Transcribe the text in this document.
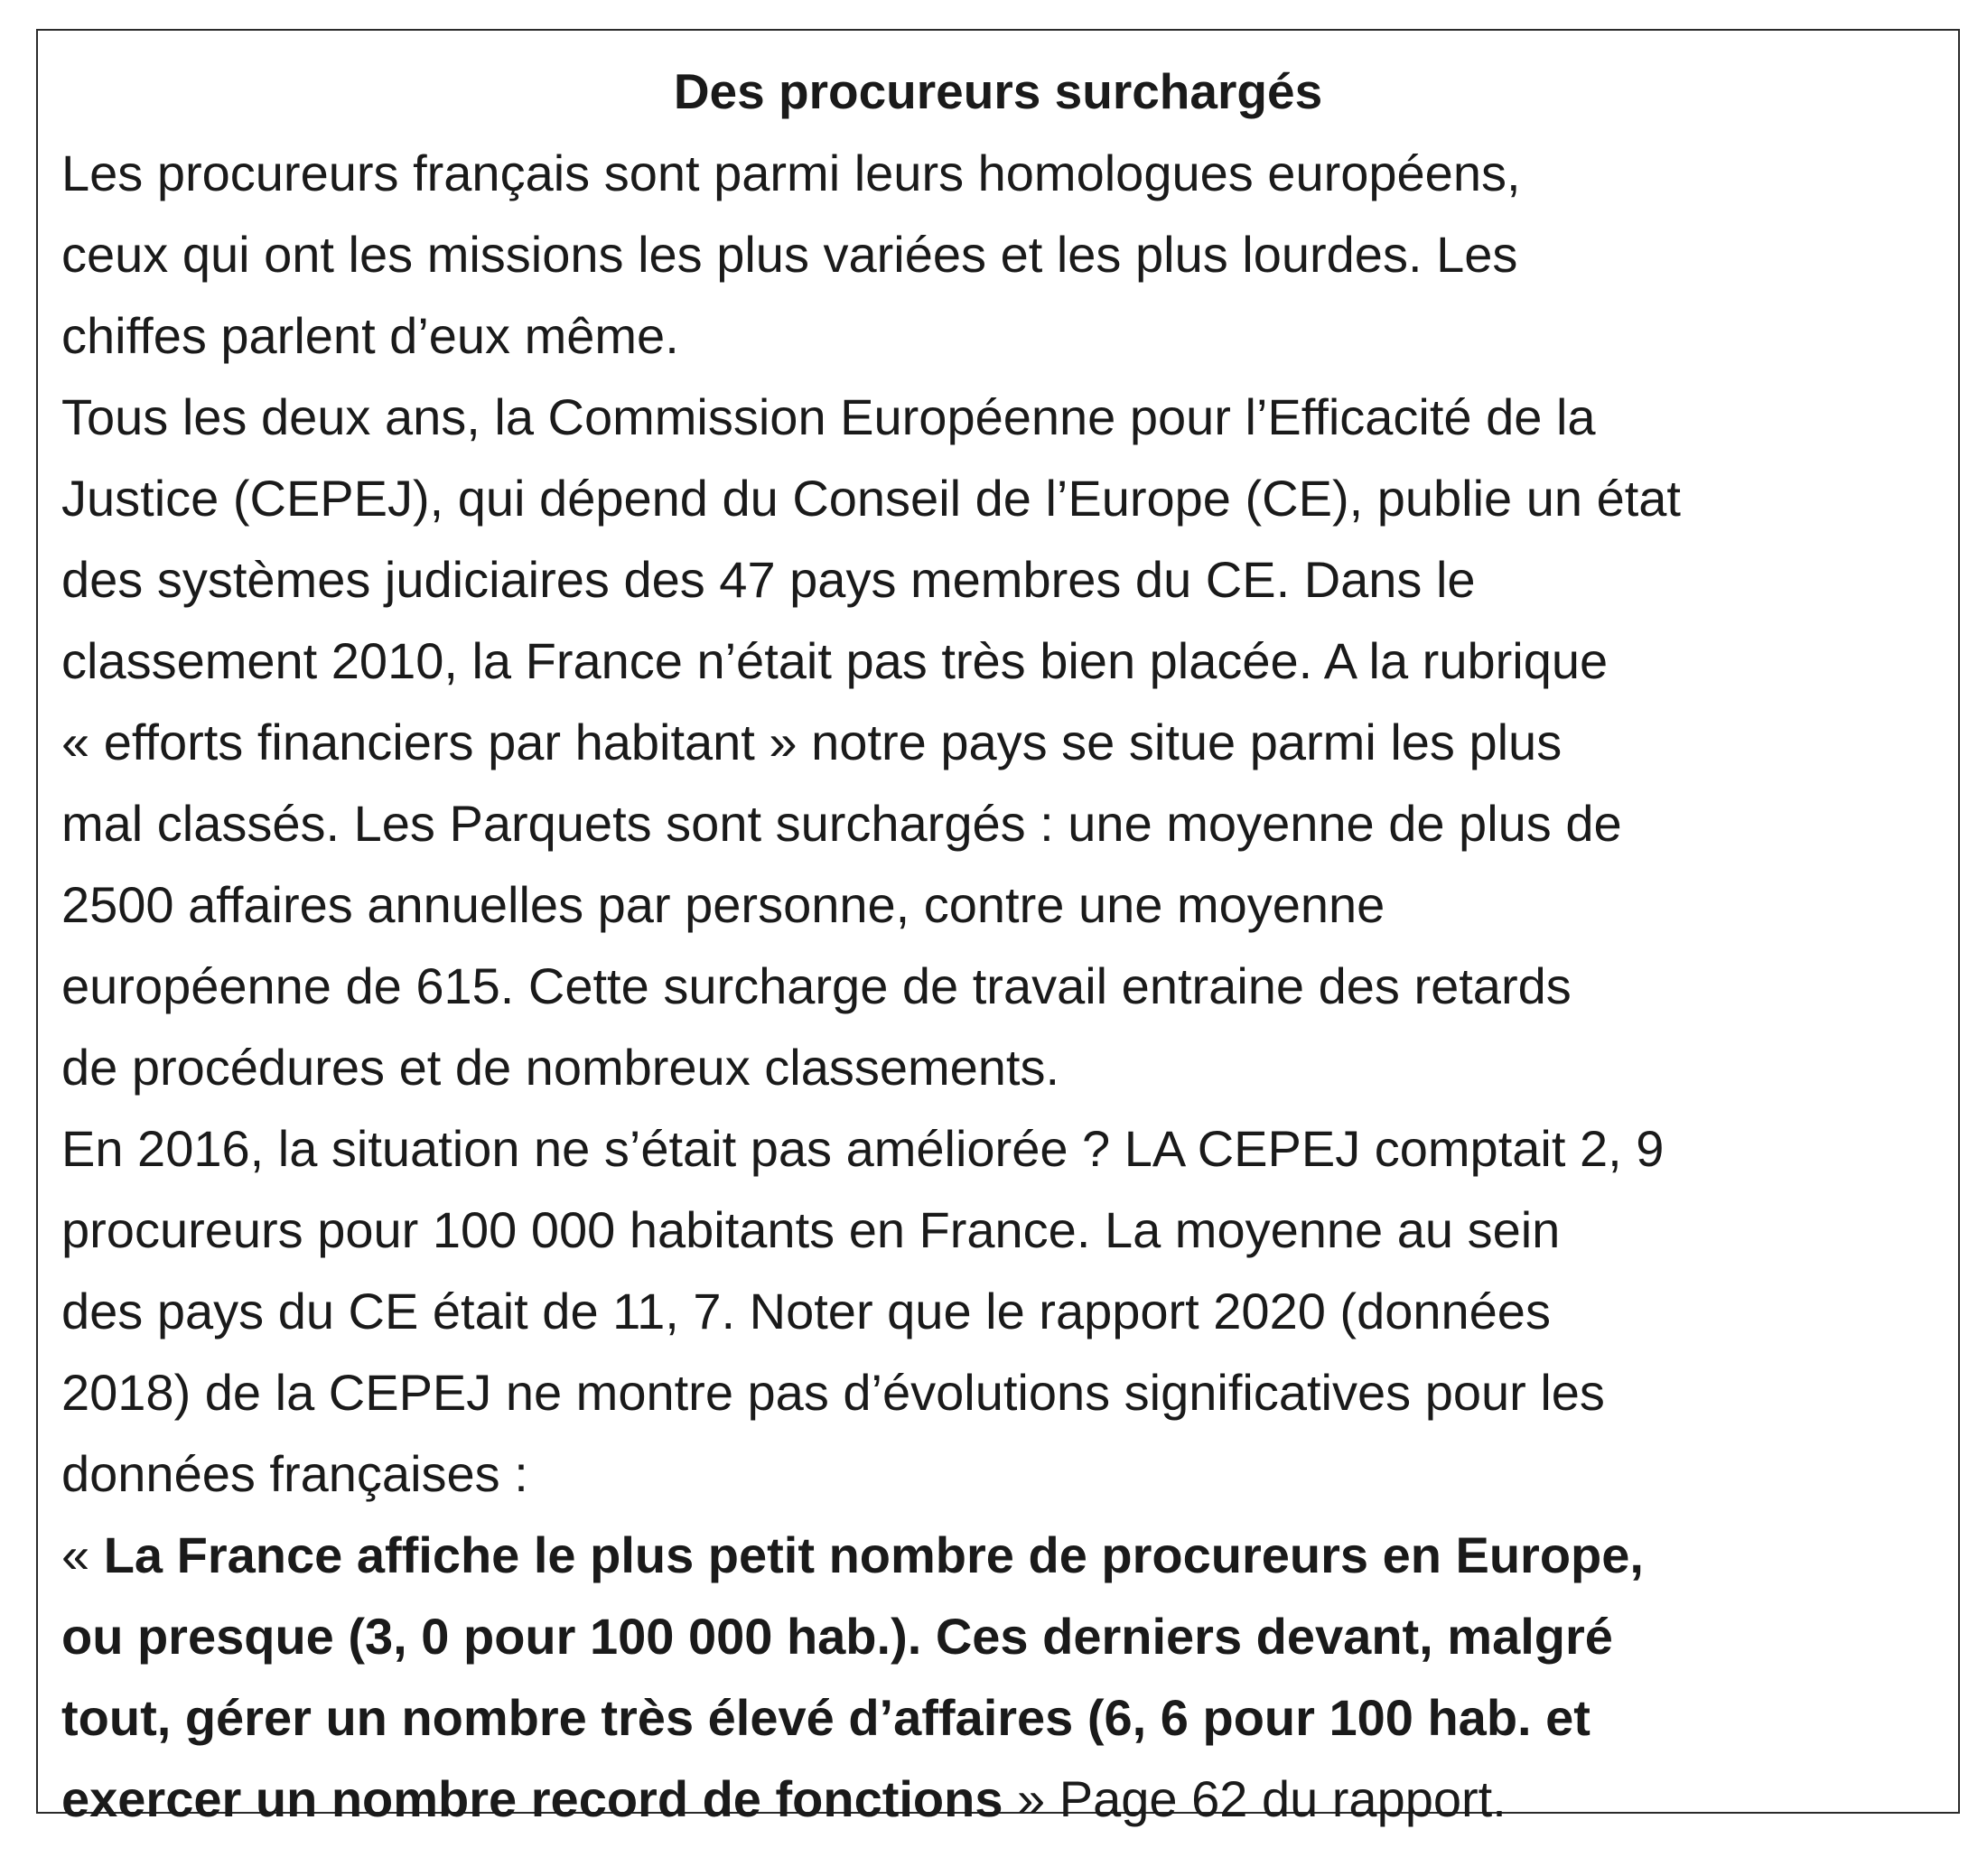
Des procureurs surchargés

Les procureurs français sont parmi leurs homologues européens,

ceux qui ont les missions les plus variées et les plus lourdes. Les

chiffes parlent d’eux même.

Tous les deux ans, la Commission Européenne pour l’Efficacité de la

Justice (CEPEJ), qui dépend du Conseil de l’Europe (CE), publie un état

des systèmes judiciaires des 47 pays membres du CE. Dans le

classement 2010, la France n’était pas très bien placée. A la rubrique

« efforts financiers par habitant » notre pays se situe parmi les plus

mal classés. Les Parquets sont surchargés : une moyenne de plus de

2500 affaires annuelles par personne, contre une moyenne

européenne de 615. Cette surcharge de travail entraine des retards

de procédures et de nombreux classements.

En 2016, la situation ne s’était pas améliorée ? LA CEPEJ comptait 2, 9

procureurs pour 100 000 habitants en France. La moyenne au sein

des pays du CE était de 11, 7. Noter que le rapport 2020 (données

2018) de la CEPEJ ne montre pas d’évolutions significatives pour les

données françaises :

« La France affiche le plus petit nombre de procureurs en Europe,

ou presque (3, 0 pour 100 000 hab.). Ces derniers devant, malgré

tout, gérer un nombre très élevé d’affaires (6, 6 pour 100 hab. et

exercer un nombre record de fonctions » Page 62 du rapport.
